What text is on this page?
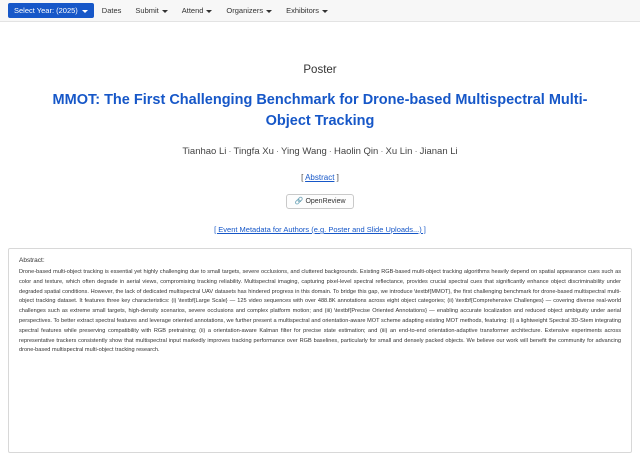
Select Year: (2025)	Dates Submit	Attend	Organizers	Exhibitors
Poster
MMOT: The First Challenging Benchmark for Drone-based Multispectral Multi-Object Tracking
Tianhao Li · Tingfa Xu · Ying Wang · Haolin Qin · Xu Lin · Jianan Li
[ Abstract ]
🔗 OpenReview
[ Event Metadata for Authors (e.g. Poster and Slide Uploads...) ]
Abstract:
Drone-based multi-object tracking is essential yet highly challenging due to small targets, severe occlusions, and cluttered backgrounds. Existing RGB-based multi-object tracking algorithms heavily depend on spatial appearance cues such as color and texture, which often degrade in aerial views, compromising tracking reliability. Multispectral imaging, capturing pixel-level spectral reflectance, provides crucial spectral cues that significantly enhance object discriminability under degraded spatial conditions. However, the lack of dedicated multispectral UAV datasets has hindered progress in this domain. To bridge this gap, we introduce \textbf{MMOT}, the first challenging benchmark for drone-based multispectral multi-object tracking dataset. It features three key characteristics: (i) \textbf{Large Scale} — 125 video sequences with over 488.8K annotations across eight object categories; (ii) \textbf{Comprehensive Challenges} — covering diverse real-world challenges such as extreme small targets, high-density scenarios, severe occlusions and complex platform motion; and (iii) \textbf{Precise Oriented Annotations} — enabling accurate localization and reduced object ambiguity under aerial perspectives. To better extract spectral features and leverage oriented annotations, we further present a multispectral and orientation-aware MOT scheme adapting existing MOT methods, featuring: (i) a lightweight Spectral 3D-Stem integrating spectral features while preserving compatibility with RGB pretraining; (ii) a orientation-aware Kalman filter for precise state estimation; and (iii) an end-to-end orientation-adaptive transformer architecture. Extensive experiments across representative trackers consistently show that multispectral input markedly improves tracking performance over RGB baselines, particularly for small and densely packed objects. We believe our work will benefit the community for advancing drone-based multispectral multi-object tracking research.
